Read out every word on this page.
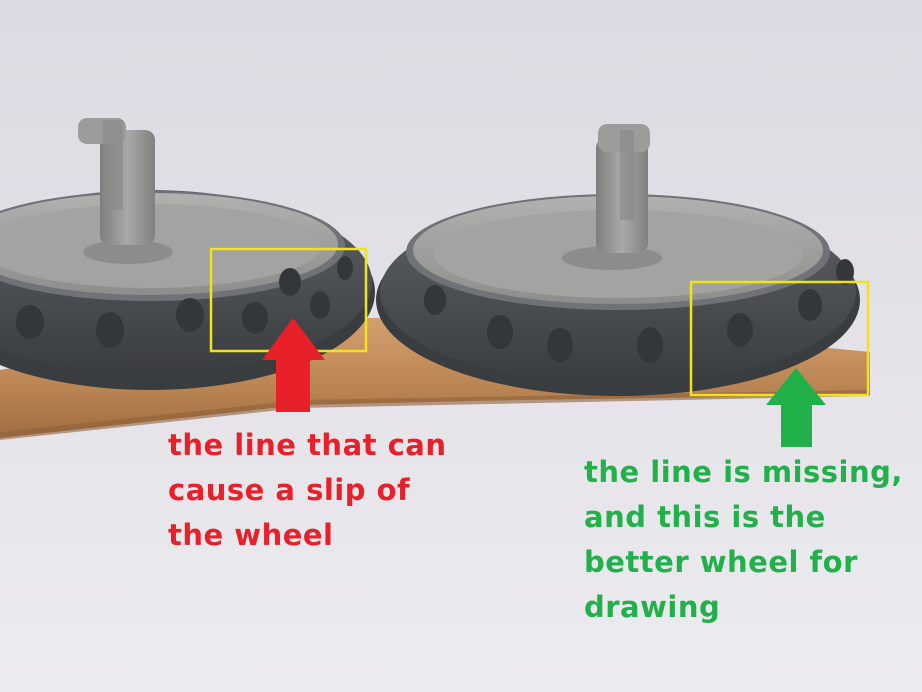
the line that can
cause a slip of
the wheel

the line is missing,
and this is the
better wheel for
drawing
